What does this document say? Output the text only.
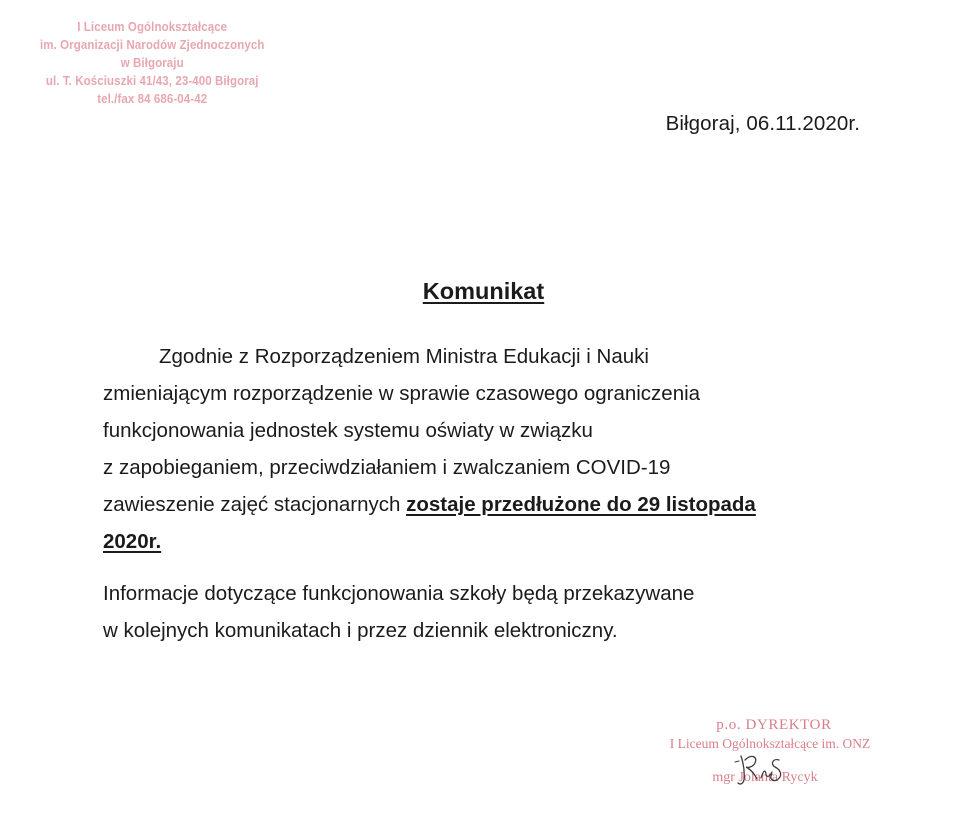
I Liceum Ogólnokształcące
im. Organizacji Narodów Zjednoczonych
w Biłgoraju
ul. T. Kościuszki 41/43, 23-400 Biłgoraj
tel./fax 84 686-04-42
Biłgoraj, 06.11.2020r.
Komunikat

Zgodnie z Rozporządzeniem Ministra Edukacji i Nauki

zmieniającym rozporządzenie w sprawie czasowego ograniczenia

funkcjonowania jednostek systemu oświaty w związku

z zapobieganiem, przeciwdziałaniem i zwalczaniem COVID-19

zawieszenie zajęć stacjonarnych zostaje przedłużone do 29 listopada

2020r.

Informacje dotyczące funkcjonowania szkoły będą przekazywane

w kolejnych komunikatach i przez dziennik elektroniczny.

p.o. DYREKTOR
I Liceum Ogólnokształcące im. ONZ
mgr Jolanta Rycyk
